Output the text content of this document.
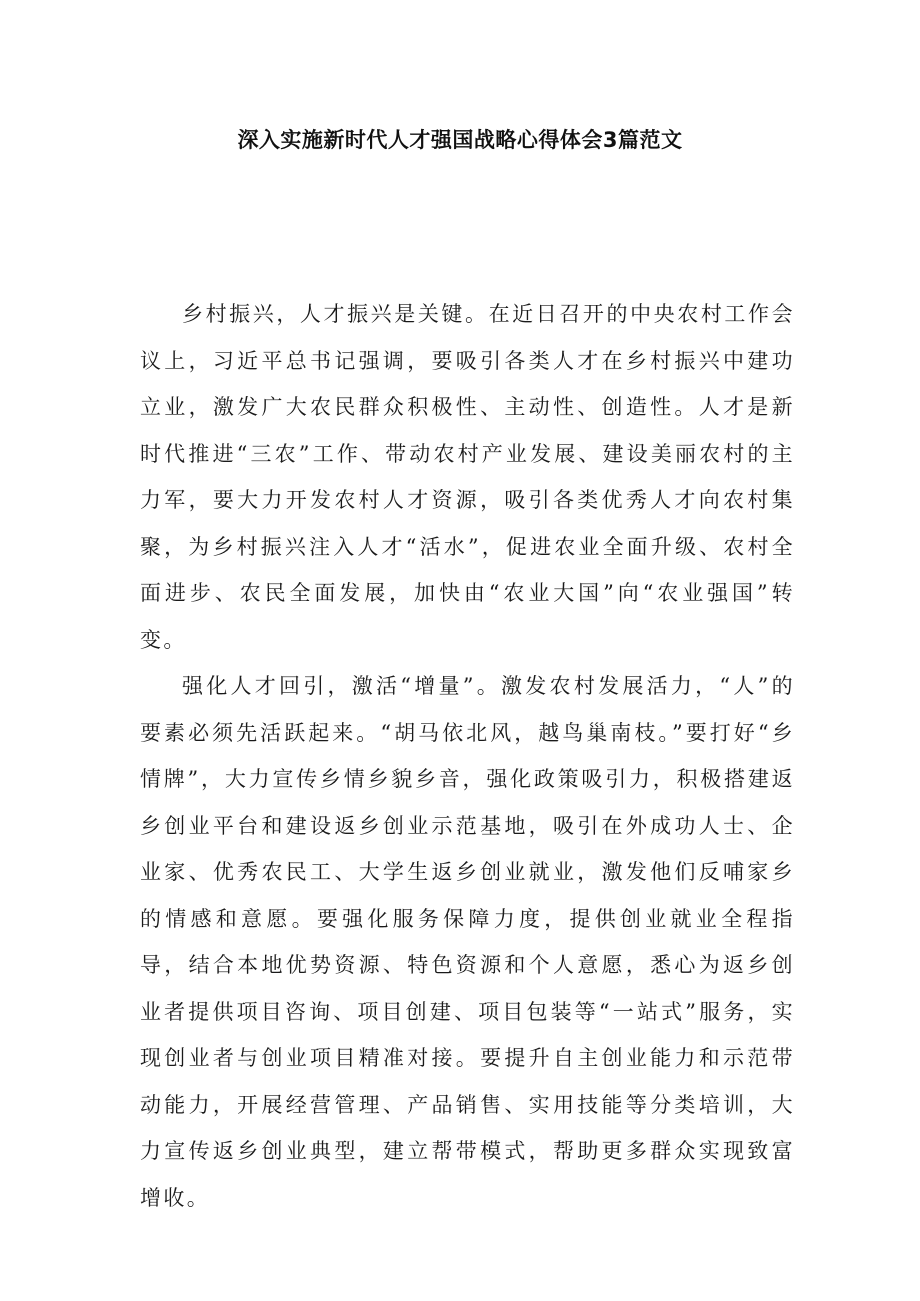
深入实施新时代人才强国战略心得体会3篇范文

乡村振兴，人才振兴是关键。在近日召开的中央农村工作会议上，习近平总书记强调，要吸引各类人才在乡村振兴中建功立业，激发广大农民群众积极性、主动性、创造性。人才是新时代推进“三农”工作、带动农村产业发展、建设美丽农村的主力军，要大力开发农村人才资源，吸引各类优秀人才向农村集聚，为乡村振兴注入人才“活水”，促进农业全面升级、农村全面进步、农民全面发展，加快由“农业大国”向“农业强国”转变。

强化人才回引，激活“增量”。激发农村发展活力，“人”的要素必须先活跃起来。“胡马依北风，越鸟巢南枝。”要打好“乡情牌”，大力宣传乡情乡貌乡音，强化政策吸引力，积极搭建返乡创业平台和建设返乡创业示范基地，吸引在外成功人士、企业家、优秀农民工、大学生返乡创业就业，激发他们反哺家乡的情感和意愿。要强化服务保障力度，提供创业就业全程指导，结合本地优势资源、特色资源和个人意愿，悉心为返乡创业者提供项目咨询、项目创建、项目包装等“一站式”服务，实现创业者与创业项目精准对接。要提升自主创业能力和示范带动能力，开展经营管理、产品销售、实用技能等分类培训，大力宣传返乡创业典型，建立帮带模式，帮助更多群众实现致富增收。
